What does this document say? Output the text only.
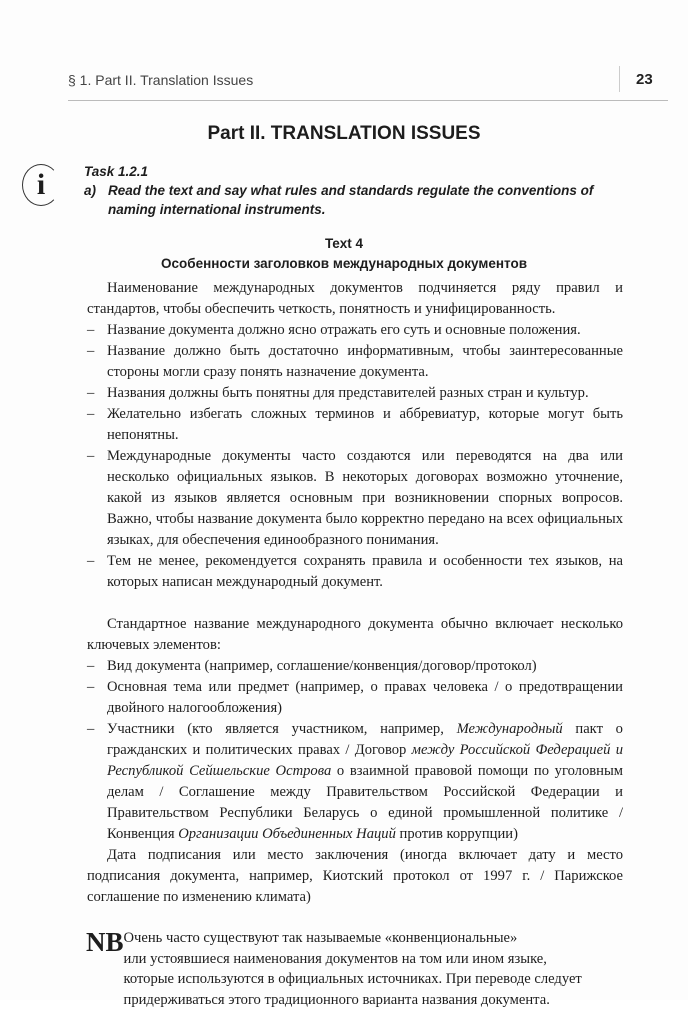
§ 1. Part II. Translation Issues	23
Part II. TRANSLATION ISSUES
i	Task 1.2.1
a) Read the text and say what rules and standards regulate the conventions of naming international instruments.
Text 4
Особенности заголовков международных документов

Наименование международных документов подчиняется ряду правил и стандартов, чтобы обеспечить четкость, понятность и унифицированность.

– Название документа должно ясно отражать его суть и основные положения.
– Название должно быть достаточно информативным, чтобы заинтересованные стороны могли сразу понять назначение документа.
– Названия должны быть понятны для представителей разных стран и культур.
– Желательно избегать сложных терминов и аббревиатур, которые могут быть непонятны.
– Международные документы часто создаются или переводятся на два или несколько официальных языков. В некоторых договорах возможно уточнение, какой из языков является основным при возникновении спорных вопросов. Важно, чтобы название документа было корректно передано на всех официальных языках, для обеспечения единообразного понимания.
– Тем не менее, рекомендуется сохранять правила и особенности тех языков, на которых написан международный документ.

Стандартное название международного документа обычно включает несколько ключевых элементов:

– Вид документа (например, соглашение/конвенция/договор/протокол)
– Основная тема или предмет (например, о правах человека / о предотвращении двойного налогообложения)
– Участники (кто является участником, например, Международный пакт о гражданских и политических правах / Договор между Российской Федерацией и Республикой Сейшельские Острова о взаимной правовой помощи по уголовным делам / Соглашение между Правительством Российской Федерации и Правительством Республики Беларусь о единой промышленной политике / Конвенция Организации Объединенных Наций против коррупции)

Дата подписания или место заключения (иногда включает дату и место подписания документа, например, Киотский протокол от 1997 г. / Парижское соглашение по изменению климата)

NB Очень часто существуют так называемые «конвенциональные»
или устоявшиеся наименования документов на том или ином языке,
которые используются в официальных источниках. При переводе следует
придерживаться этого традиционного варианта названия документа.
